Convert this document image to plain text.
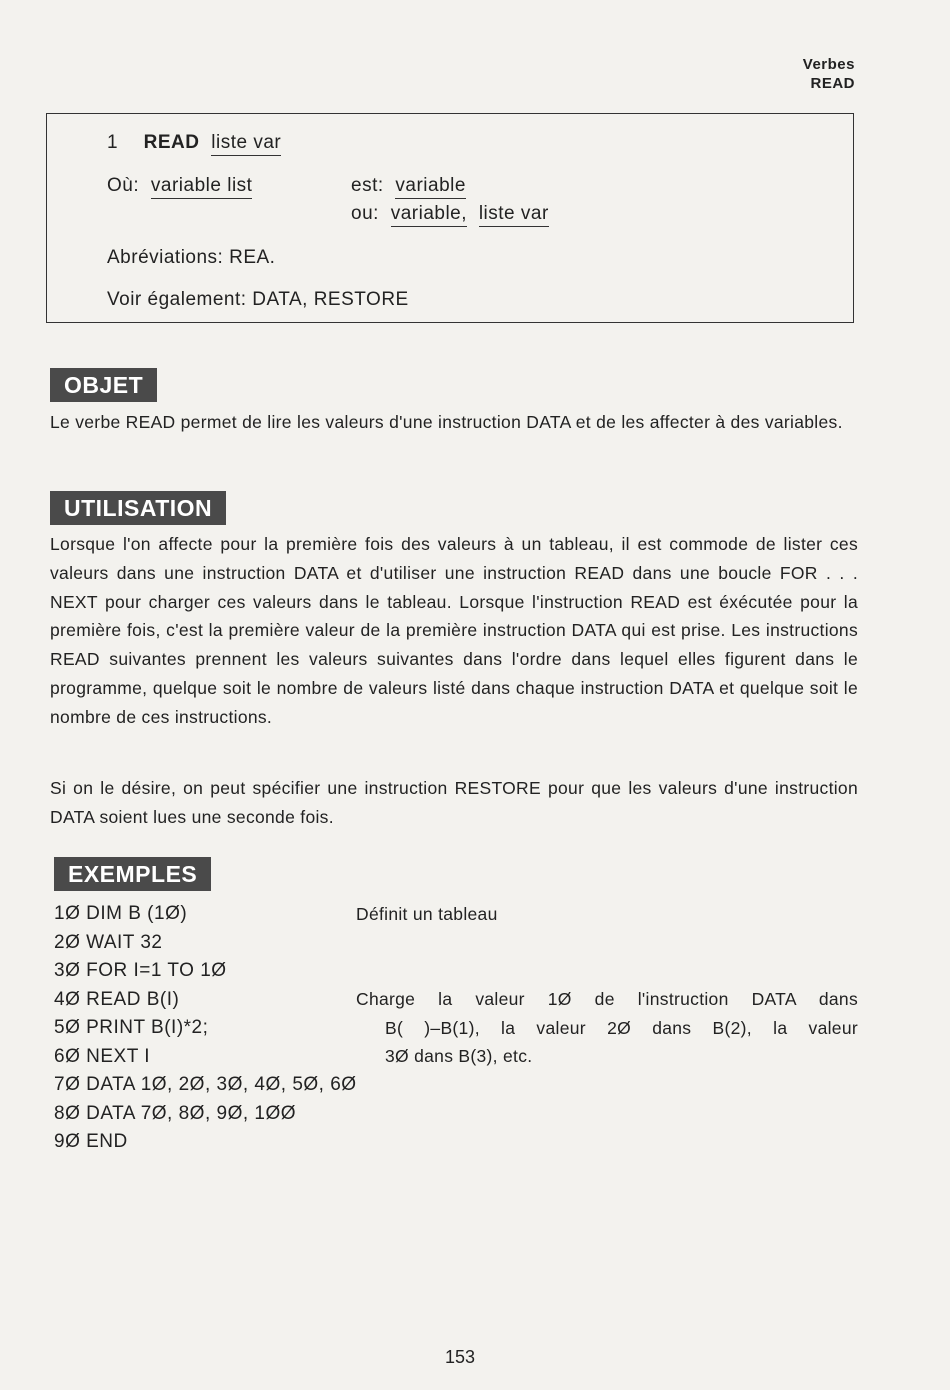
Verbes
READ
1 READ liste var
Où: variable list	est: variable
ou: variable, liste var
Abréviations: REA.
Voir également: DATA, RESTORE
OBJET
Le verbe READ permet de lire les valeurs d'une instruction DATA et de les affecter à des variables.
UTILISATION
Lorsque l'on affecte pour la première fois des valeurs à un tableau, il est commode de lister ces valeurs dans une instruction DATA et d'utiliser une instruction READ dans une boucle FOR . . . NEXT pour charger ces valeurs dans le tableau. Lorsque l'instruction READ est éxécutée pour la première fois, c'est la première valeur de la première instruction DATA qui est prise. Les instructions READ suivantes prennent les valeurs suivantes dans l'ordre dans lequel elles figurent dans le programme, quelque soit le nombre de valeurs listé dans chaque instruction DATA et quelque soit le nombre de ces instructions.
Si on le désire, on peut spécifier une instruction RESTORE pour que les valeurs d'une instruction DATA soient lues une seconde fois.
EXEMPLES
1Ø DIM B (1Ø)
2Ø WAIT 32
3Ø FOR I=1 TO 1Ø
4Ø READ B(I)
5Ø PRINT B(I)*2;
6Ø NEXT I
7Ø DATA 1Ø, 2Ø, 3Ø, 4Ø, 5Ø, 6Ø
8Ø DATA 7Ø, 8Ø, 9Ø, 1ØØ
9Ø END
Définit un tableau
Charge la valeur 1Ø de l'instruction DATA dans
B( )–B(1), la valeur 2Ø dans B(2), la valeur
3Ø dans B(3), etc.
153
